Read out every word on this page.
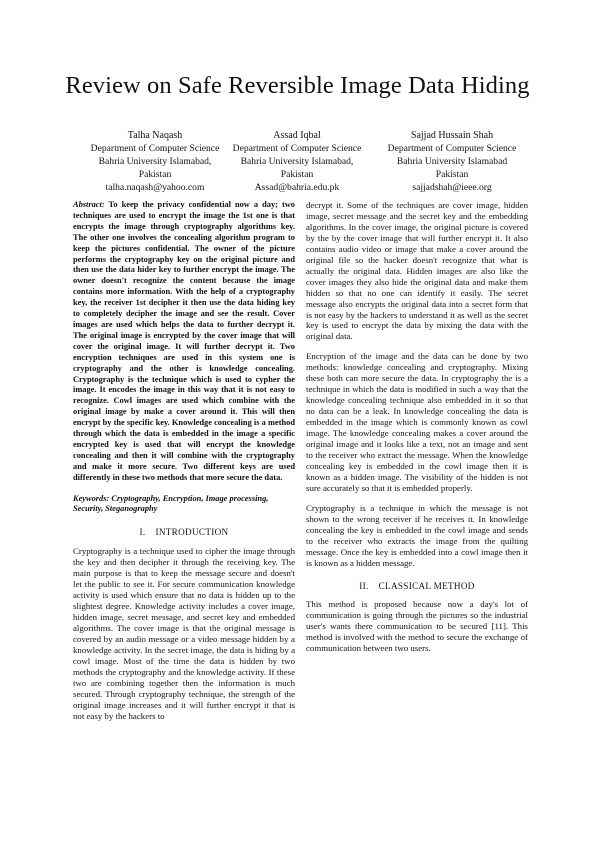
Review on Safe Reversible Image Data Hiding
Talha Naqash
Department of Computer Science
Bahria University Islamabad,
Pakistan
talha.naqash@yahoo.com
Assad Iqbal
Department of Computer Science
Bahria University Islamabad,
Pakistan
Assad@bahria.edu.pk
Sajjad Hussain Shah
Department of Computer Science
Bahria University Islamabad
Pakistan
sajjadshah@ieee.org

Abstract: To keep the privacy confidential now a day; two techniques are used to encrypt the image the 1st one is that encrypts the image through cryptography algorithms key. The other one involves the concealing algorithm program to keep the pictures confidential. The owner of the picture performs the cryptography key on the original picture and then use the data hider key to further encrypt the image. The owner doesn't recognize the content because the image contains more information. With the help of a cryptography key, the receiver 1st decipher it then use the data hiding key to completely decipher the image and see the result. Cover images are used which helps the data to further decrypt it. The original image is encrypted by the cover image that will cover the original image. It will further decrypt it. Two encryption techniques are used in this system one is cryptography and the other is knowledge concealing. Cryptography is the technique which is used to cypher the image. It encodes the image in this way that it is not easy to recognize. Cowl images are used which combine with the original image by make a cover around it. This will then encrypt by the specific key. Knowledge concealing is a method through which the data is embedded in the image a specific encrypted key is used that will encrypt the knowledge concealing and then it will combine with the cryptography and make it more secure. Two different keys are used differently in these two methods that more secure the data.

Keywords: Cryptography, Encryption, Image processing, Security, Steganography

I. INTRODUCTION

Cryptography is a technique used to cipher the image through the key and then decipher it through the receiving key. The main purpose is that to keep the message secure and doesn't let the public to see it. For secure communication knowledge activity is used which ensure that no data is hidden up to the slightest degree. Knowledge activity includes a cover image, hidden image, secret message, and secret key and embedded algorithms. The cover image is that the original message is covered by an audio message or a video message hidden by a knowledge activity. In the secret image, the data is hiding by a cowl image. Most of the time the data is hidden by two methods the cryptography and the knowledge activity. If these two are combining together then the information is much secured. Through cryptography technique, the strength of the original image increases and it will further encrypt it that is not easy by the hackers to

decrypt it. Some of the techniques are cover image, hidden image, secret message and the secret key and the embedding algorithms. In the cover image, the original picture is covered by the by the cover image that will further encrypt it. It also contains audio video or image that make a cover around the original file so the hacker doesn't recognize that what is actually the original data. Hidden images are also like the cover images they also hide the original data and make them hidden so that no one can identify it easily. The secret message also encrypts the original data into a secret form that is not easy by the hackers to understand it as well as the secret key is used to encrypt the data by mixing the data with the original data.

Encryption of the image and the data can be done by two methods: knowledge concealing and cryptography. Mixing these both can more secure the data. In cryptography the is a technique in which the data is modified in such a way that the knowledge concealing technique also embedded in it so that no data can be a leak. In knowledge concealing the data is embedded in the image which is commonly known as cowl image. The knowledge concealing makes a cover around the original image and it looks like a text, not an image and sent to the receiver who extract the message. When the knowledge concealing key is embedded in the cowl image then it is known as a hidden image. The visibility of the hidden is not sure accurately so that it is embedded properly.

Cryptography is a technique in which the message is not shown to the wrong receiver if he receives it. In knowledge concealing the key is embedded in the cowl image and sends to the receiver who extracts the image from the quilting message. Once the key is embedded into a cowl image then it is known as a hidden message.

II. CLASSICAL METHOD

This method is proposed because now a day's lot of communication is going through the pictures so the industrial user's wants there communication to be secured [11]. This method is involved with the method to secure the exchange of communication between two users.
